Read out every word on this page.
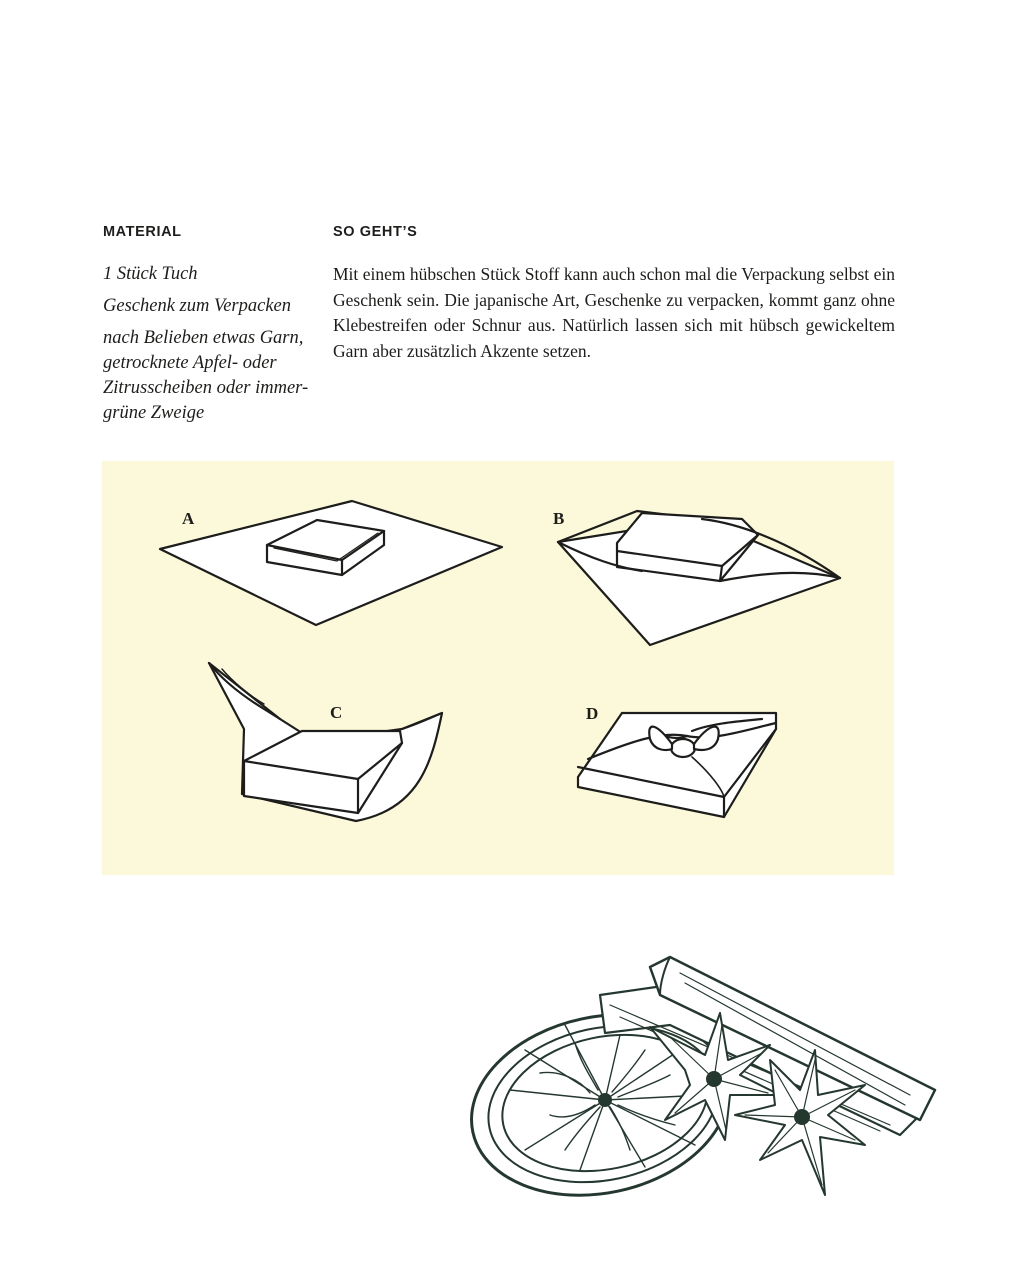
MATERIAL	SO GEHT’S
1 Stück Tuch
Geschenk zum Verpacken
nach Belieben etwas Garn, getrocknete Apfel- oder Zitrusscheiben oder immer-grüne Zweige

Mit einem hübschen Stück Stoff kann auch schon mal die Verpackung selbst ein Geschenk sein. Die japanische Art, Geschenke zu verpacken, kommt ganz ohne Klebestreifen oder Schnur aus. Natürlich lassen sich mit hübsch gewickeltem Garn aber zusätzlich Akzente setzen.

A	B
C	D
